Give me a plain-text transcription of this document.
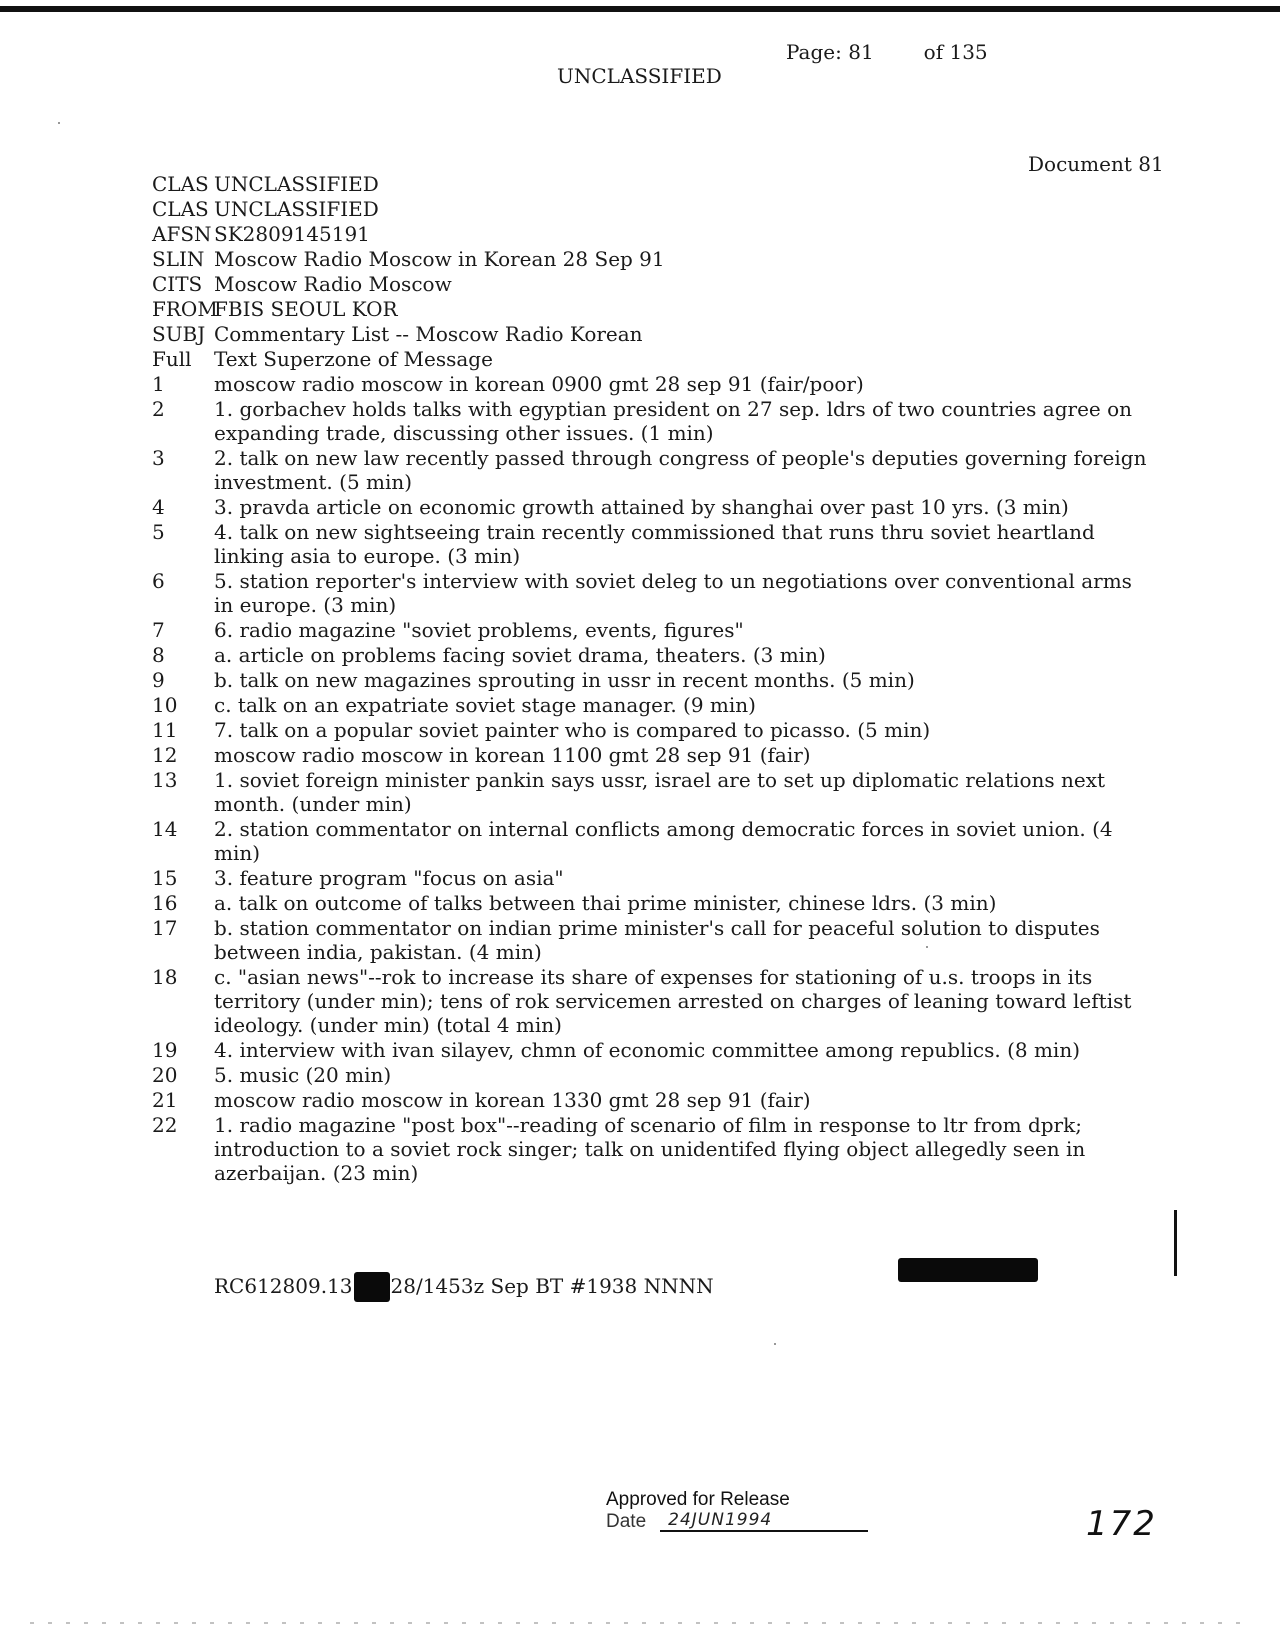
Page: 81	of 135
UNCLASSIFIED
Document 81
CLAS UNCLASSIFIED
CLAS UNCLASSIFIED
AFSN SK2809145191
SLIN Moscow Radio Moscow in Korean 28 Sep 91
CITS Moscow Radio Moscow
FROMFBIS SEOUL KOR
SUBJ Commentary List -- Moscow Radio Korean
Full Text Superzone of Message
1	moscow radio moscow in korean 0900 gmt 28 sep 91 (fair/poor)
2	1. gorbachev holds talks with egyptian president on 27 sep. ldrs of two countries agree on expanding trade, discussing other issues. (1 min)
3	2. talk on new law recently passed through congress of people's deputies governing foreign investment. (5 min)
4	3. pravda article on economic growth attained by shanghai over past 10 yrs. (3 min)
5	4. talk on new sightseeing train recently commissioned that runs thru soviet heartland linking asia to europe. (3 min)
6	5. station reporter's interview with soviet deleg to un negotiations over conventional arms in europe. (3 min)
7	6. radio magazine "soviet problems, events, figures"
8	a. article on problems facing soviet drama, theaters. (3 min)
9	b. talk on new magazines sprouting in ussr in recent months. (5 min)
10	c. talk on an expatriate soviet stage manager. (9 min)
11	7. talk on a popular soviet painter who is compared to picasso. (5 min)
12	moscow radio moscow in korean 1100 gmt 28 sep 91 (fair)
13	1. soviet foreign minister pankin says ussr, israel are to set up diplomatic relations next month. (under min)
14	2. station commentator on internal conflicts among democratic forces in soviet union. (4 min)
15	3. feature program "focus on asia"
16	a. talk on outcome of talks between thai prime minister, chinese ldrs. (3 min)
17	b. station commentator on indian prime minister's call for peaceful solution to disputes between india, pakistan. (4 min)
18	c. "asian news"--rok to increase its share of expenses for stationing of u.s. troops in its territory (under min); tens of rok servicemen arrested on charges of leaning toward leftist ideology. (under min) (total 4 min)
19	4. interview with ivan silayev, chmn of economic committee among republics. (8 min)
20	5. music (20 min)
21	moscow radio moscow in korean 1330 gmt 28 sep 91 (fair)
22	1. radio magazine "post box"--reading of scenario of film in response to ltr from dprk; introduction to a soviet rock singer; talk on unidentifed flying object allegedly seen in azerbaijan. (23 min)
RC612809.13 28/1453z Sep BT #1938 NNNN
Approved for Release
Date	24JUN1994	172
